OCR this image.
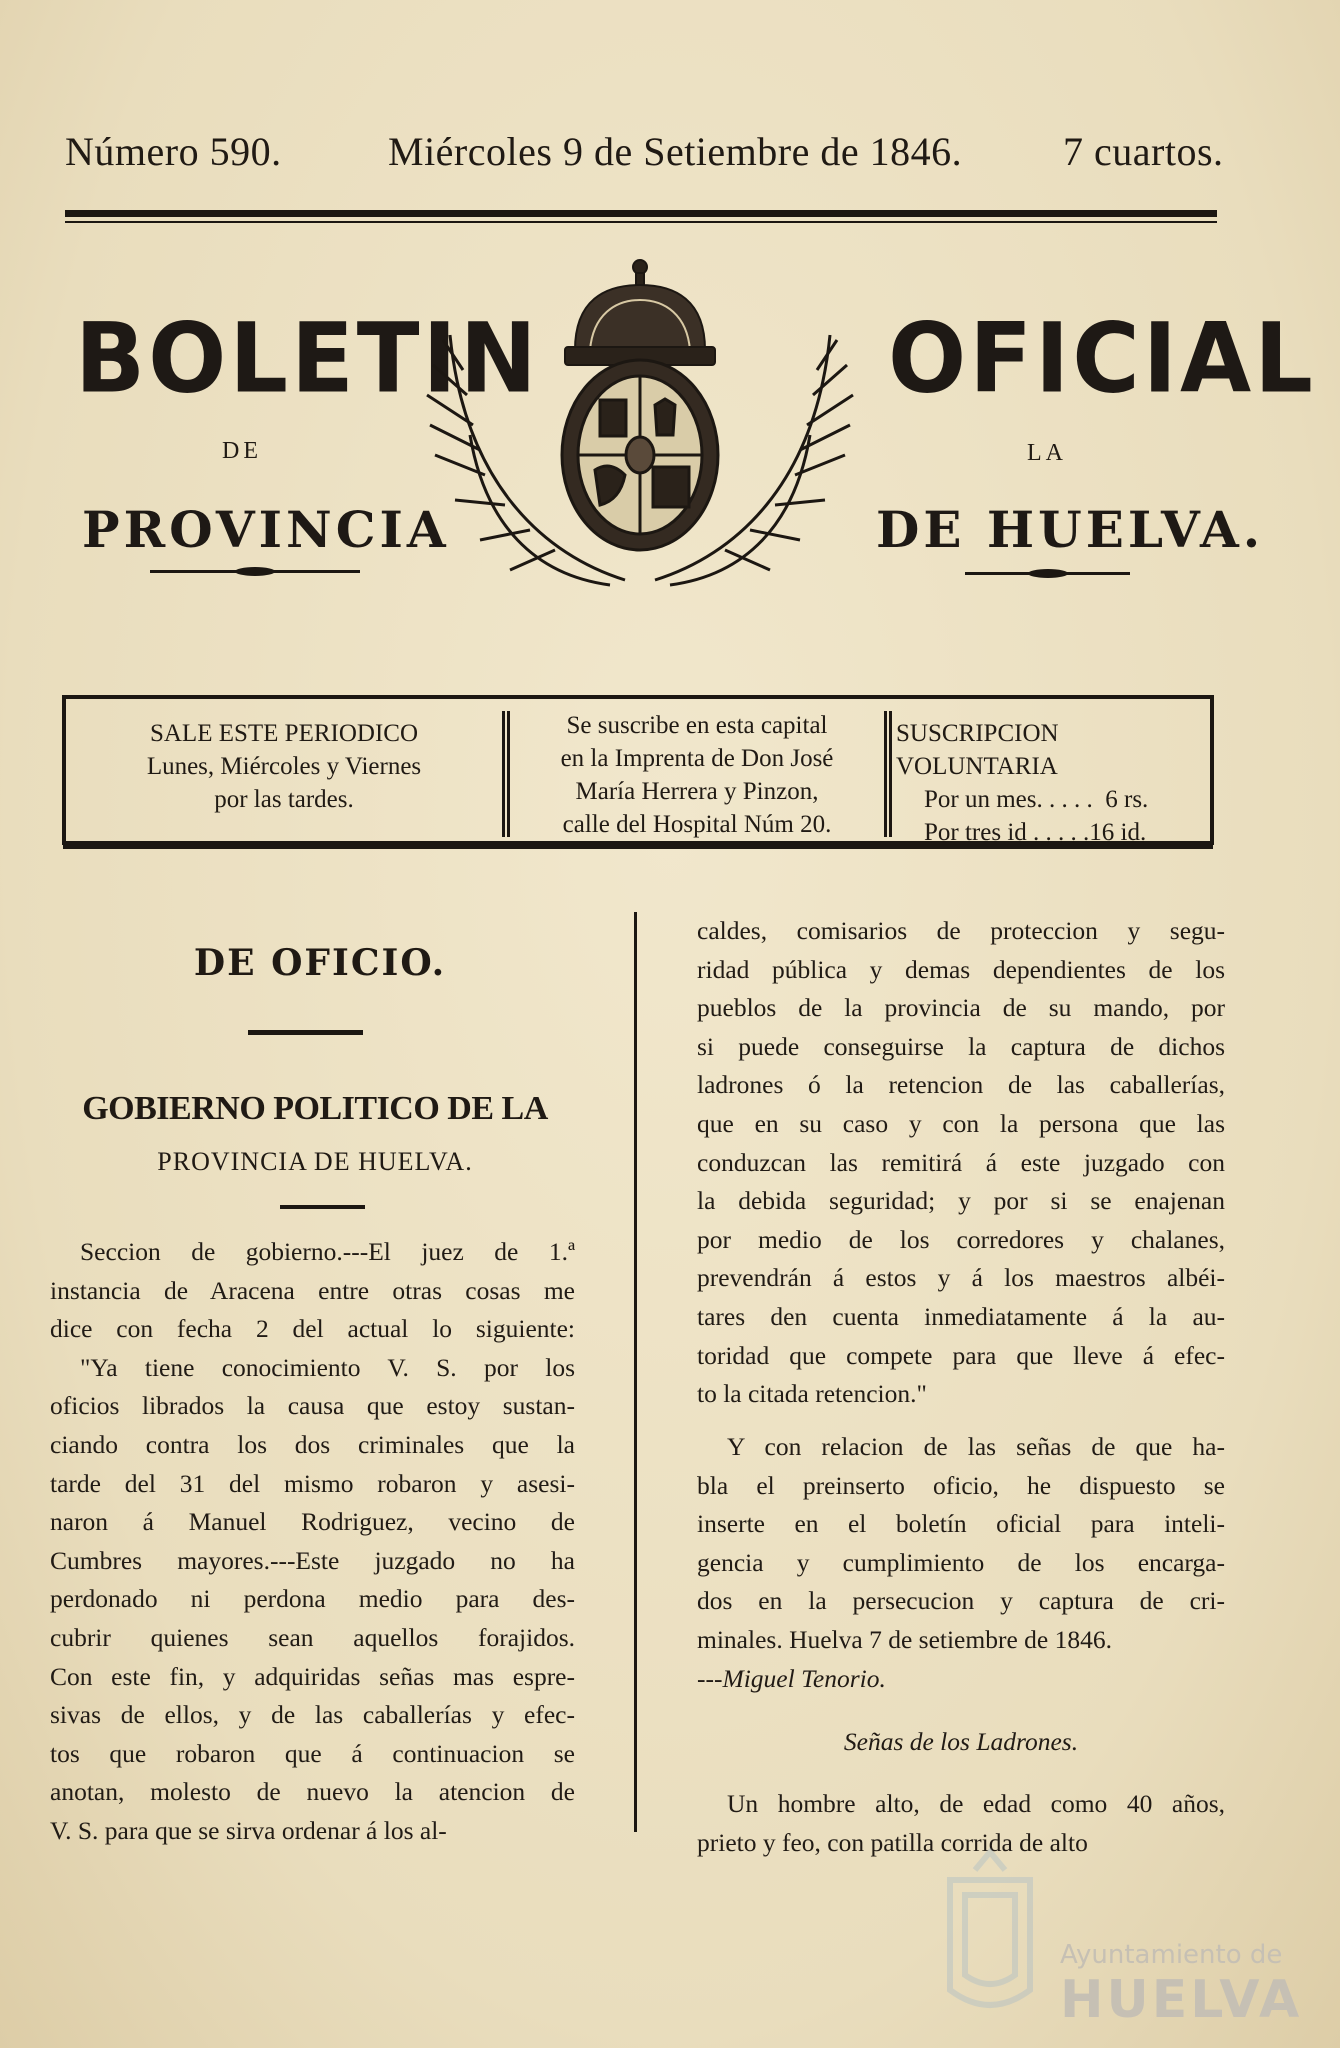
Número 590.	Miércoles 9 de Setiembre de 1846.	7 cuartos.
BOLETIN	OFICIAL
DE	LA
PROVINCIA	DE HUELVA.
SALE ESTE PERIODICO
Lunes, Miércoles y Viernes
por las tardes.
Se suscribe en esta capital
en la Imprenta de Don José
María Herrera y Pinzon,
calle del Hospital Núm 20.
SUSCRIPCION VOLUNTARIA
Por un mes. . . . .  6 rs.
Por tres id . . . . .16 id.
DE OFICIO.
GOBIERNO POLITICO DE LA
PROVINCIA DE HUELVA.
Seccion de gobierno.---El juez de 1.ª
instancia de Aracena entre otras cosas me
dice con fecha 2 del actual lo siguiente:
"Ya tiene conocimiento V. S. por los
oficios librados la causa que estoy sustan-
ciando contra los dos criminales que la
tarde del 31 del mismo robaron y asesi-
naron á Manuel Rodriguez, vecino de
Cumbres mayores.---Este juzgado no ha
perdonado ni perdona medio para des-
cubrir quienes sean aquellos forajidos.
Con este fin, y adquiridas señas mas espre-
sivas de ellos, y de las caballerías y efec-
tos que robaron que á continuacion se
anotan, molesto de nuevo la atencion de
V. S. para que se sirva ordenar á los al-
caldes, comisarios de proteccion y segu-
ridad pública y demas dependientes de los
pueblos de la provincia de su mando, por
si puede conseguirse la captura de dichos
ladrones ó la retencion de las caballerías,
que en su caso y con la persona que las
conduzcan las remitirá á este juzgado con
la debida seguridad; y por si se enajenan
por medio de los corredores y chalanes,
prevendrán á estos y á los maestros albéi-
tares den cuenta inmediatamente á la au-
toridad que compete para que lleve á efec-
to la citada retencion."
Y con relacion de las señas de que ha-
bla el preinserto oficio, he dispuesto se
inserte en el boletín oficial para inteli-
gencia y cumplimiento de los encarga-
dos en la persecucion y captura de cri-
minales. Huelva 7 de setiembre de 1846.
---Miguel Tenorio.
Señas de los Ladrones.
Un hombre alto, de edad como 40 años,
prieto y feo, con patilla corrida de alto
Ayuntamiento de
HUELVA
